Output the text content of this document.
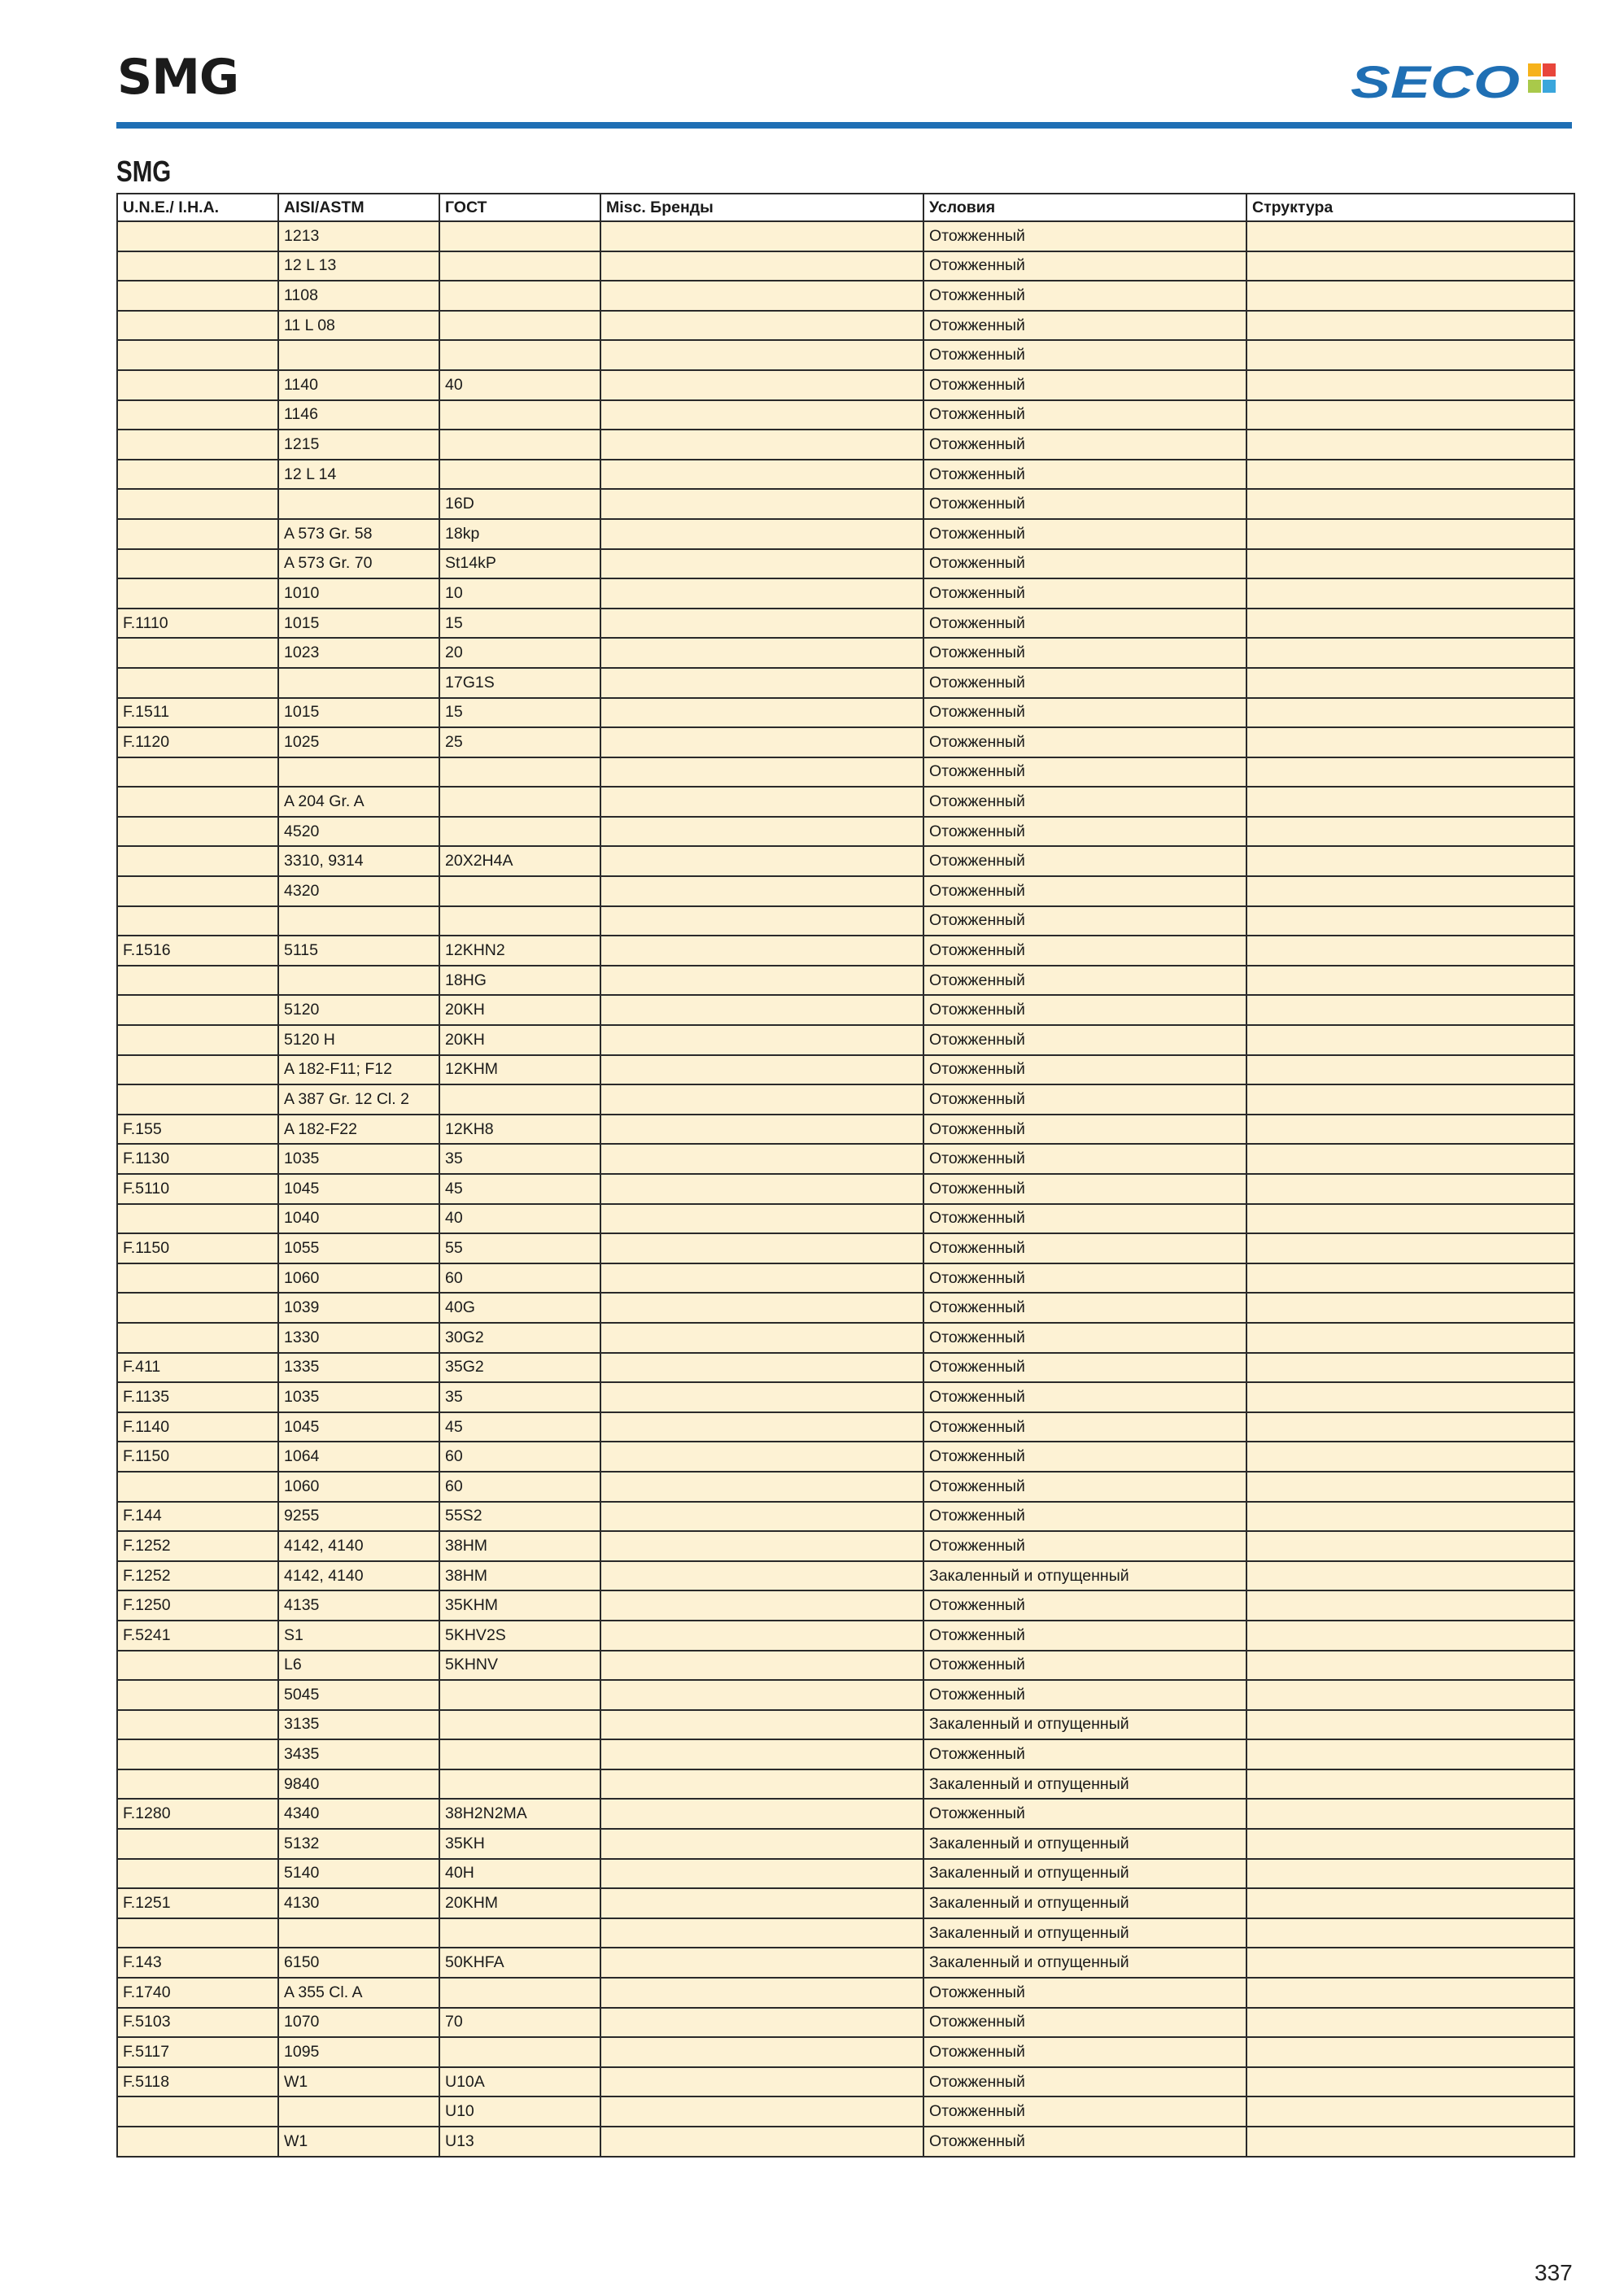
SMG	SECO
SMG
U.N.E./ I.H.A.	AISI/ASTM	ГОСТ	Misc. Бренды	Условия	Структура
	1213			Отожженный	
	12 L 13			Отожженный	
	1108			Отожженный	
	11 L 08			Отожженный	
				Отожженный	
	1140	40		Отожженный	
	1146			Отожженный	
	1215			Отожженный	
	12 L 14			Отожженный	
		16D		Отожженный	
	A 573 Gr. 58	18kp		Отожженный	
	A 573 Gr. 70	St14kP		Отожженный	
	1010	10		Отожженный	
F.1110	1015	15		Отожженный	
	1023	20		Отожженный	
		17G1S		Отожженный	
F.1511	1015	15		Отожженный	
F.1120	1025	25		Отожженный	
				Отожженный	
	A 204 Gr. A			Отожженный	
	4520			Отожженный	
	3310, 9314	20X2H4A		Отожженный	
	4320			Отожженный	
				Отожженный	
F.1516	5115	12KHN2		Отожженный	
		18HG		Отожженный	
	5120	20KH		Отожженный	
	5120 H	20KH		Отожженный	
	A 182-F11; F12	12KHM		Отожженный	
	A 387 Gr. 12 Cl. 2			Отожженный	
F.155	A 182-F22	12KH8		Отожженный	
F.1130	1035	35		Отожженный	
F.5110	1045	45		Отожженный	
	1040	40		Отожженный	
F.1150	1055	55		Отожженный	
	1060	60		Отожженный	
	1039	40G		Отожженный	
	1330	30G2		Отожженный	
F.411	1335	35G2		Отожженный	
F.1135	1035	35		Отожженный	
F.1140	1045	45		Отожженный	
F.1150	1064	60		Отожженный	
	1060	60		Отожженный	
F.144	9255	55S2		Отожженный	
F.1252	4142, 4140	38HM		Отожженный	
F.1252	4142, 4140	38HM		Закаленный и отпущенный	
F.1250	4135	35KHM		Отожженный	
F.5241	S1	5KHV2S		Отожженный	
	L6	5KHNV		Отожженный	
	5045			Отожженный	
	3135			Закаленный и отпущенный	
	3435			Отожженный	
	9840			Закаленный и отпущенный	
F.1280	4340	38H2N2MA		Отожженный	
	5132	35KH		Закаленный и отпущенный	
	5140	40H		Закаленный и отпущенный	
F.1251	4130	20KHM		Закаленный и отпущенный	
				Закаленный и отпущенный	
F.143	6150	50KHFA		Закаленный и отпущенный	
F.1740	A 355 Cl. A			Отожженный	
F.5103	1070	70		Отожженный	
F.5117	1095			Отожженный	
F.5118	W1	U10A		Отожженный	
		U10		Отожженный	
	W1	U13		Отожженный	
337
